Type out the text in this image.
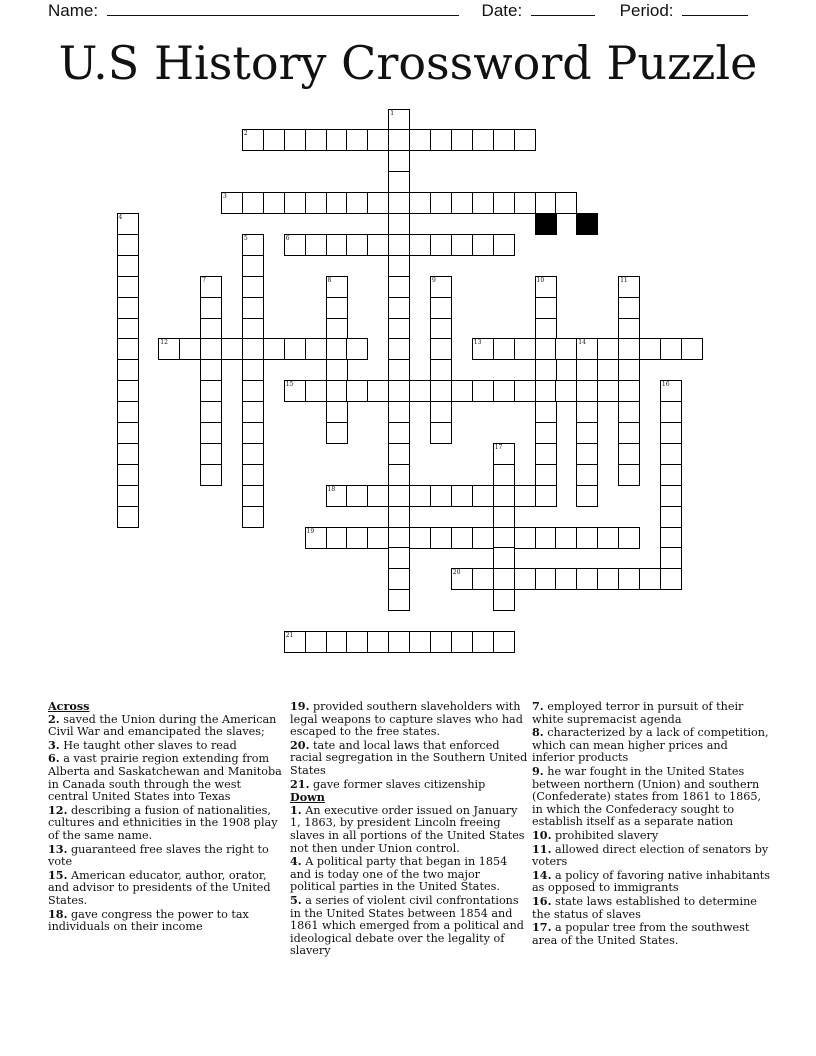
Name:	Date:	Period:
U.S History Crossword Puzzle
1
2
3
4
5	6
7	8	9	10	11
12	13	14
15	16
17
18
19
20
21

Across

2. saved the Union during the American Civil War and emancipated the slaves;

3. He taught other slaves to read

6. a vast prairie region extending from Alberta and Saskatchewan and Manitoba in Canada south through the west central United States into Texas

12. describing a fusion of nationalities, cultures and ethnicities in the 1908 play of the same name.

13. guaranteed free slaves the right to vote

15. American educator, author, orator, and advisor to presidents of the United States.

18. gave congress the power to tax individuals on their income

19. provided southern slaveholders with legal weapons to capture slaves who had escaped to the free states.

20. tate and local laws that enforced racial segregation in the Southern United States

21. gave former slaves citizenship

Down

1. An executive order issued on January 1, 1863, by president Lincoln freeing slaves in all portions of the United States not then under Union control.

4. A political party that began in 1854 and is today one of the two major political parties in the United States.

5. a series of violent civil confrontations in the United States between 1854 and 1861 which emerged from a political and ideological debate over the legality of slavery

7. employed terror in pursuit of their white supremacist agenda

8. characterized by a lack of competition, which can mean higher prices and inferior products

9. he war fought in the United States between northern (Union) and southern (Confederate) states from 1861 to 1865, in which the Confederacy sought to establish itself as a separate nation

10. prohibited slavery

11. allowed direct election of senators by voters

14. a policy of favoring native inhabitants as opposed to immigrants

16. state laws established to determine the status of slaves

17. a popular tree from the southwest area of the United States.
